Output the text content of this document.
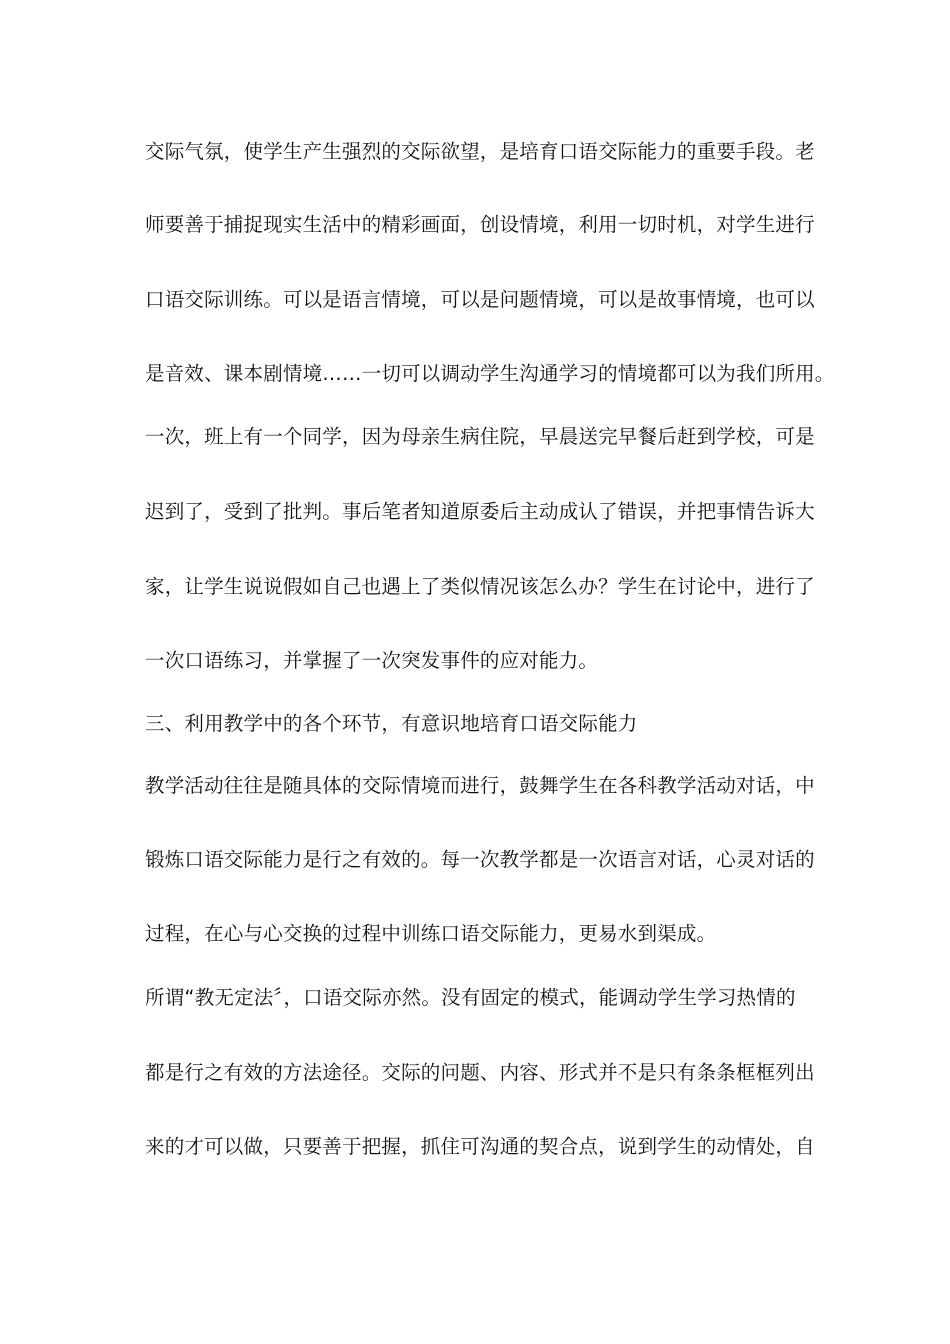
交际气氛，使学生产生强烈的交际欲望，是培育口语交际能力的重要手段。老
师要善于捕捉现实生活中的精彩画面，创设情境，利用一切时机，对学生进行
口语交际训练。可以是语言情境，可以是问题情境，可以是故事情境，也可以
是音效、课本剧情境……一切可以调动学生沟通学习的情境都可以为我们所用。
一次，班上有一个同学，因为母亲生病住院，早晨送完早餐后赶到学校，可是
迟到了，受到了批判。事后笔者知道原委后主动成认了错误，并把事情告诉大
家，让学生说说假如自己也遇上了类似情况该怎么办？学生在讨论中，进行了
一次口语练习，并掌握了一次突发事件的应对能力。
三、利用教学中的各个环节，有意识地培育口语交际能力
教学活动往往是随具体的交际情境而进行，鼓舞学生在各科教学活动对话，中
锻炼口语交际能力是行之有效的。每一次教学都是一次语言对话，心灵对话的
过程，在心与心交换的过程中训练口语交际能力，更易水到渠成。
所谓“教无定法〞，口语交际亦然。没有固定的模式，能调动学生学习热情的
都是行之有效的方法途径。交际的问题、内容、形式并不是只有条条框框列出
来的才可以做，只要善于把握，抓住可沟通的契合点，说到学生的动情处，自
